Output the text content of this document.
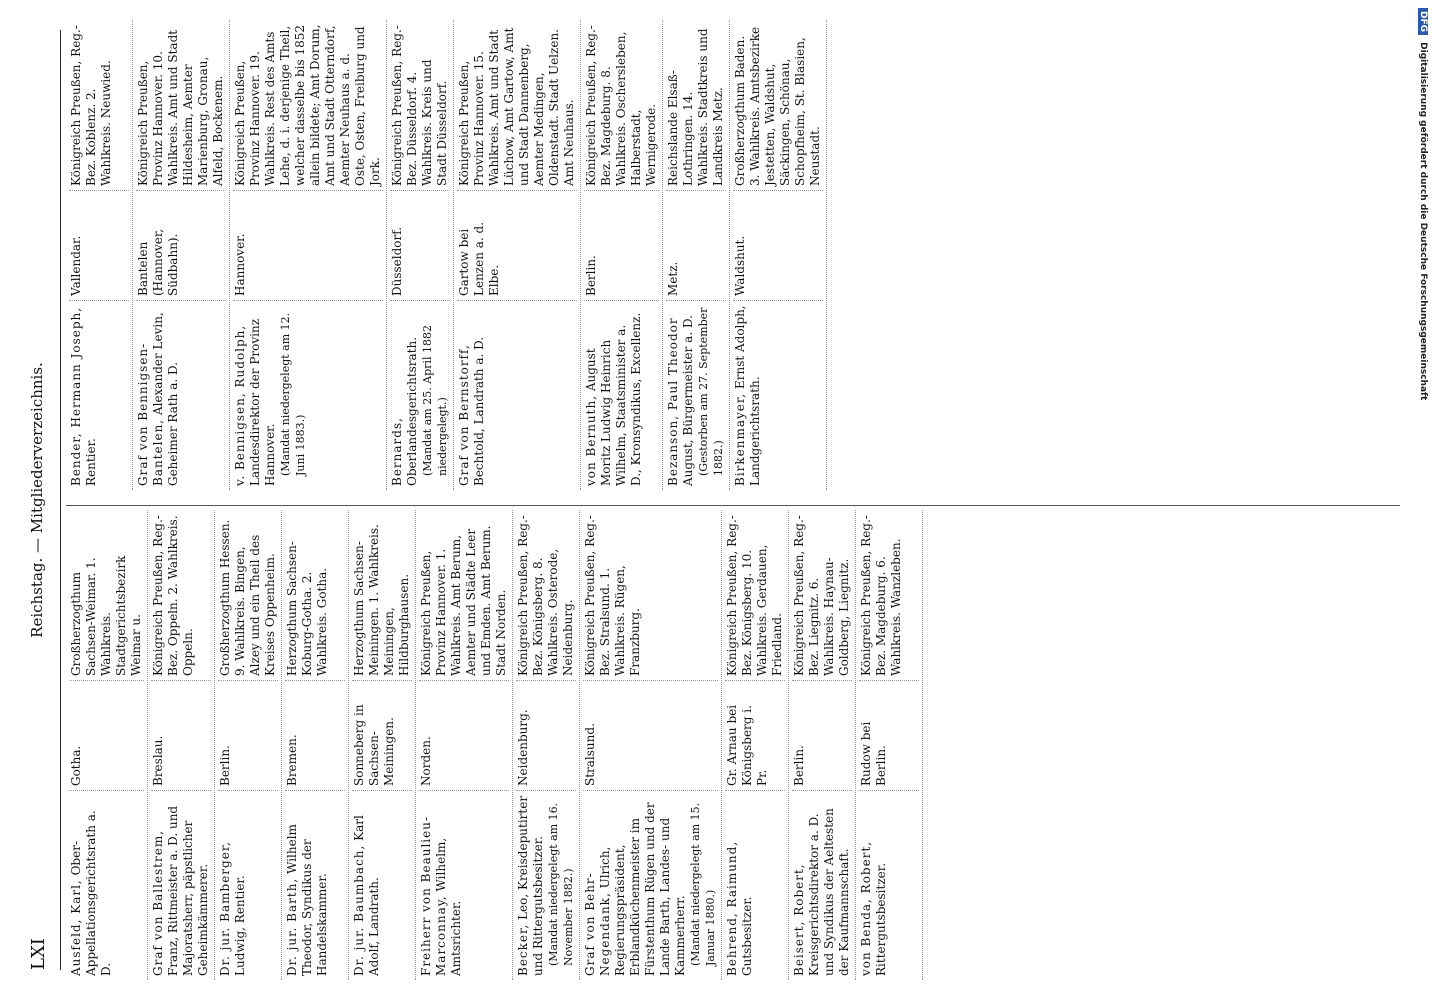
LXI
Reichstag. — Mitgliederverzeichnis.
Ausfeld, Karl, Ober-Appellationsgerichtsrath a. D.
Gotha.
Großherzogthum Sachsen-Weimar. 1. Wahlkreis. Stadtgerichtsbezirk Weimar u.
Graf von Ballestrem, Franz, Rittmeister a. D. und Majoratsherr, päpstlicher Geheimkämmerer.
Breslau.
Königreich Preußen, Reg.-Bez. Oppeln. 2. Wahlkreis. Oppeln.
Dr. jur. Bamberger, Ludwig, Rentier.
Berlin.
Großherzogthum Hessen. 9. Wahlkreis. Bingen, Alzey und ein Theil des Kreises Oppenheim.
Dr. jur. Barth, Wilhelm Theodor, Syndikus der Handelskammer.
Bremen.
Herzogthum Sachsen-Koburg-Gotha. 2. Wahlkreis. Gotha.
Dr. jur. Baumbach, Karl Adolf, Landrath.
Sonneberg in Sachsen-Meiningen.
Herzogthum Sachsen-Meiningen. 1. Wahlkreis. Meiningen, Hildburghausen.
Freiherr von Beaulieu-Marconnay, Wilhelm, Amtsrichter.
Norden.
Königreich Preußen, Provinz Hannover. 1. Wahlkreis. Amt Berum, Aemter und Städte Leer und Emden. Amt Berum. Stadt Norden.
Becker, Leo, Kreisdeputirter und Rittergutsbesitzer. (Mandat niedergelegt am 16. November 1882.)
Neidenburg.
Königreich Preußen, Reg.-Bez. Königsberg. 8. Wahlkreis. Osterode, Neidenburg.
Graf von Behr-Negendank, Ulrich, Regierungspräsident, Erblandküchenmeister im Fürstenthum Rügen und der Lande Barth, Landes- und Kammerherr. (Mandat niedergelegt am 15. Januar 1880.)
Stralsund.
Königreich Preußen, Reg.-Bez. Stralsund. 1. Wahlkreis. Rügen, Franzburg.
Behrend, Raimund, Gutsbesitzer.
Gr. Arnau bei Königsberg i. Pr.
Königreich Preußen, Reg.-Bez. Königsberg. 10. Wahlkreis. Gerdauen, Friedland.
Beisert, Robert, Kreisgerichtsdirektor a. D. und Syndikus der Aeltesten der Kaufmannschaft.
Berlin.
Königreich Preußen, Reg.-Bez. Liegnitz. 6. Wahlkreis. Haynau-Goldberg, Liegnitz.
von Benda, Robert, Rittergutsbesitzer.
Rudow bei Berlin.
Königreich Preußen, Reg.-Bez. Magdeburg. 6. Wahlkreis. Wanzleben.
Bender, Hermann Joseph, Rentier.
Vallendar.
Königreich Preußen, Reg.-Bez. Koblenz. 2. Wahlkreis. Neuwied.
Graf von Bennigsen-Bantelen, Alexander Levin, Geheimer Rath a. D.
Bantelen (Hannover, Südbahn).
Königreich Preußen, Provinz Hannover. 10. Wahlkreis. Amt und Stadt Hildesheim, Aemter Marienburg, Gronau, Alfeld, Bockenem.
v. Bennigsen, Rudolph, Landesdirektor der Provinz Hannover. (Mandat niedergelegt am 12. Juni 1883.)
Hannover.
Königreich Preußen, Provinz Hannover. 19. Wahlkreis. Rest des Amts Lehe, d. i. derjenige Theil, welcher dasselbe bis 1852 allein bildete; Amt Dorum, Amt und Stadt Otterndorf, Aemter Neuhaus a. d. Oste, Osten, Freiburg und Jork.
Bernards, Oberlandesgerichtsrath. (Mandat am 25. April 1882 niedergelegt.)
Düsseldorf.
Königreich Preußen, Reg.-Bez. Düsseldorf. 4. Wahlkreis. Kreis und Stadt Düsseldorf.
Graf von Bernstorff, Bechtold, Landrath a. D.
Gartow bei Lenzen a. d. Elbe.
Königreich Preußen, Provinz Hannover. 15. Wahlkreis. Amt und Stadt Lüchow, Amt Gartow, Amt und Stadt Dannenberg, Aemter Medingen, Oldenstadt. Stadt Uelzen. Amt Neuhaus.
von Bernuth, August Moritz Ludwig Heinrich Wilhelm, Staatsminister a. D., Kronsyndikus, Excellenz.
Berlin.
Königreich Preußen, Reg.-Bez. Magdeburg. 8. Wahlkreis. Oschersleben, Halberstadt, Wernigerode.
Bezanson, Paul Theodor August, Bürgermeister a. D. (Gestorben am 27. September 1882.)
Metz.
Reichslande Elsaß-Lothringen. 14. Wahlkreis. Stadtkreis und Landkreis Metz.
Birkenmayer, Ernst Adolph, Landgerichtsrath.
Waldshut.
Großherzogthum Baden. 3. Wahlkreis. Amtsbezirke Jestetten, Waldshut, Säckingen, Schönau, Schopfheim, St. Blasien, Neustadt.
DFG Digitalisierung gefördert durch die Deutsche Forschungsgemeinschaft
